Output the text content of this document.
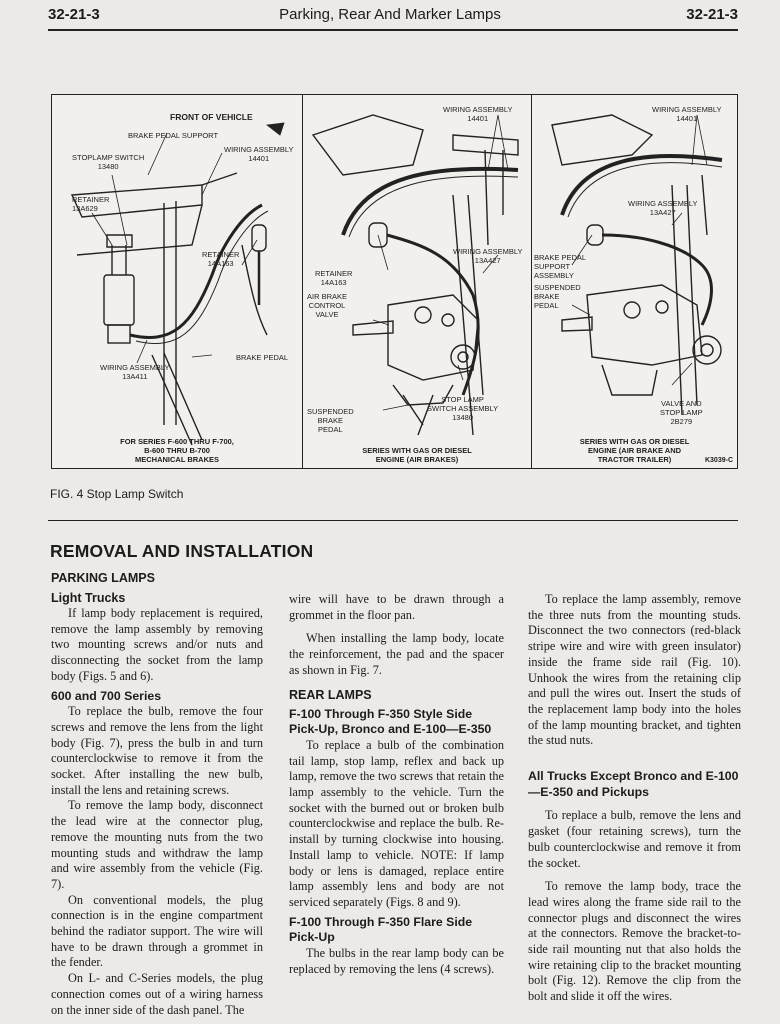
32-21-3	Parking, Rear And Marker Lamps	32-21-3
FRONT OF VEHICLE
BRAKE PEDAL SUPPORT
STOPLAMP SWITCH
13480
WIRING ASSEMBLY
14401
RETAINER
13A629
RETAINER
14A163
BRAKE PEDAL
WIRING ASSEMBLY
13A411
FOR SERIES F-600 THRU F-700,
B-600 THRU B-700
MECHANICAL BRAKES
WIRING ASSEMBLY
14401
WIRING ASSEMBLY
13A427
RETAINER
14A163
AIR BRAKE
CONTROL
VALVE
STOP LAMP
SWITCH ASSEMBLY
13480
SUSPENDED
BRAKE
PEDAL
SERIES WITH GAS OR DIESEL
ENGINE (AIR BRAKES)
WIRING ASSEMBLY
14401
WIRING ASSEMBLY
13A427
BRAKE PEDAL
SUPPORT
ASSEMBLY
SUSPENDED
BRAKE
PEDAL
VALVE AND
STOP LAMP
2B279
SERIES WITH GAS OR DIESEL
ENGINE (AIR BRAKE AND
TRACTOR TRAILER)	K3039-C
FIG. 4 Stop Lamp Switch
REMOVAL AND INSTALLATION
PARKING LAMPS
Light Trucks

If lamp body replacement is required, remove the lamp assembly by removing two mounting screws and/or nuts and disconnecting the socket from the lamp body (Figs. 5 and 6).

600 and 700 Series

To replace the bulb, remove the four screws and remove the lens from the light body (Fig. 7), press the bulb in and turn counterclockwise to remove it from the socket. After installing the new bulb, install the lens and retaining screws.

To remove the lamp body, disconnect the lead wire at the connector plug, remove the mounting nuts from the two mounting studs and withdraw the lamp and wire assembly from the vehicle (Fig. 7).

On conventional models, the plug connection is in the engine compartment behind the radiator support. The wire will have to be drawn through a grommet in the fender.

On L- and C-Series models, the plug connection comes out of a wiring harness on the inner side of the dash panel. The

wire will have to be drawn through a grommet in the floor pan.

When installing the lamp body, locate the reinforcement, the pad and the spacer as shown in Fig. 7.

REAR LAMPS
F-100 Through F-350 Style Side Pick-Up, Bronco and E-100—E-350

To replace a bulb of the combination tail lamp, stop lamp, reflex and back up lamp, remove the two screws that retain the lamp assembly to the vehicle. Turn the socket with the burned out or broken bulb counterclockwise and replace the bulb. Re-install by turning clockwise into housing. Install lamp to vehicle. NOTE: If lamp body or lens is damaged, replace entire lamp assembly lens and body are not serviced separately (Figs. 8 and 9).

F-100 Through F-350 Flare Side Pick-Up

The bulbs in the rear lamp body can be replaced by removing the lens (4 screws).

To replace the lamp assembly, remove the three nuts from the mounting studs. Disconnect the two connectors (red-black stripe wire and wire with green insulator) inside the frame side rail (Fig. 10). Unhook the wires from the retaining clip and pull the wires out. Insert the studs of the replacement lamp body into the holes of the lamp mounting bracket, and tighten the stud nuts.

All Trucks Except Bronco and E-100—E-350 and Pickups

To replace a bulb, remove the lens and gasket (four retaining screws), turn the bulb counterclockwise and remove it from the socket.

To remove the lamp body, trace the lead wires along the frame side rail to the connector plugs and disconnect the wires at the connectors. Remove the bracket-to-side rail mounting nut that also holds the wire retaining clip to the bracket mounting bolt (Fig. 12). Remove the clip from the bolt and slide it off the wires.
